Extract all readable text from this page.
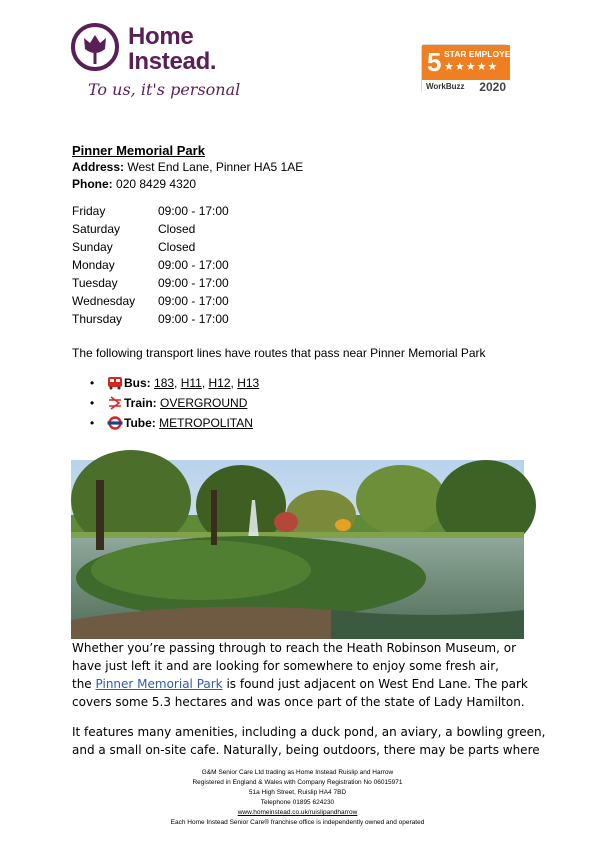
Home
Instead.
To us, it's personal
5 STAR EMPLOYER
★★★★★
WorkBuzz 2020
Pinner Memorial Park
Address: West End Lane, Pinner HA5 1AE
Phone: 020 8429 4320
Friday	09:00 - 17:00
Saturday	Closed
Sunday	Closed
Monday	09:00 - 17:00
Tuesday	09:00 - 17:00
Wednesday 09:00 - 17:00
Thursday	09:00 - 17:00
The following transport lines have routes that pass near Pinner Memorial Park
• Bus: 183, H11, H12, H13
• Train: OVERGROUND
• Tube: METROPOLITAN
Whether you’re passing through to reach the Heath Robinson Museum, or
have just left it and are looking for somewhere to enjoy some fresh air,
the Pinner Memorial Park is found just adjacent on West End Lane. The park
covers some 5.3 hectares and was once part of the state of Lady Hamilton.
It features many amenities, including a duck pond, an aviary, a bowling green,
and a small on-site cafe. Naturally, being outdoors, there may be parts where
G&M Senior Care Ltd trading as Home Instead Ruislip and Harrow
Registered in England & Wales with Company Registration No 06015971
51a High Street, Ruislip HA4 7BD
Telephone 01895 624230
www.homeinstead.co.uk/ruislipandharrow
Each Home Instead Senior Care® franchise office is independently owned and operated
